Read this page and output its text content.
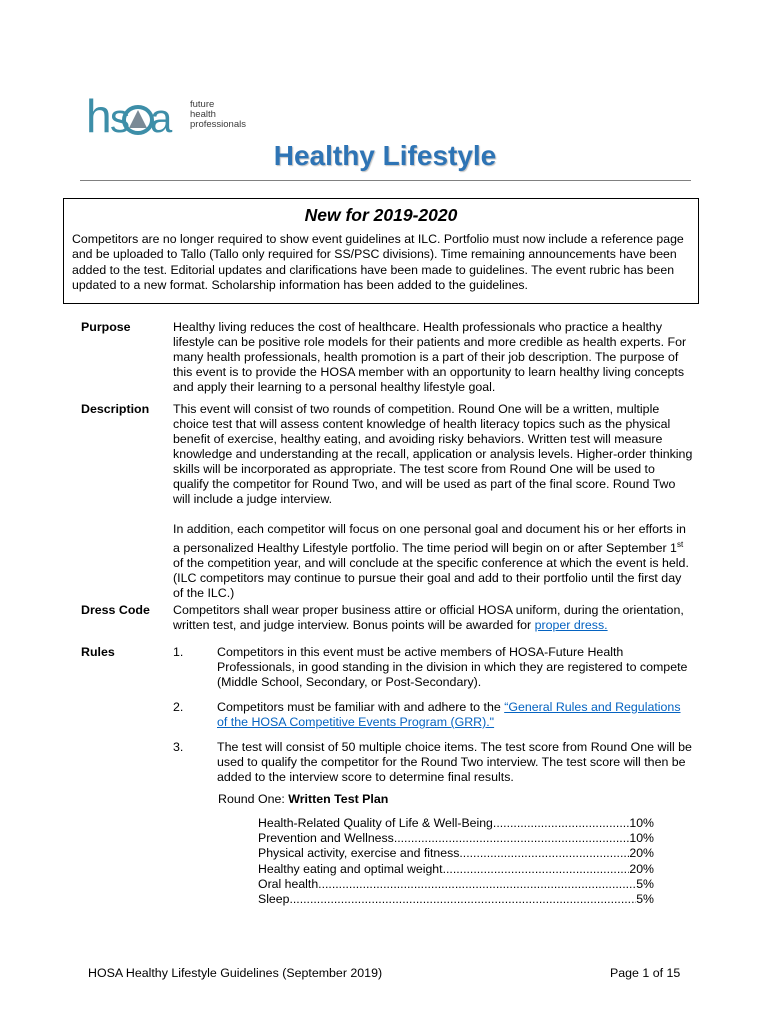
h s a future
health
professionals
Healthy Lifestyle
New for 2019-2020

Competitors are no longer required to show event guidelines at ILC. Portfolio must now include a reference page and be uploaded to Tallo (Tallo only required for SS/PSC divisions). Time remaining announcements have been added to the test. Editorial updates and clarifications have been made to guidelines. The event rubric has been updated to a new format. Scholarship information has been added to the guidelines.

Purpose	Healthy living reduces the cost of healthcare. Health professionals who practice a healthy lifestyle can be positive role models for their patients and more credible as health experts. For many health professionals, health promotion is a part of their job description. The purpose of this event is to provide the HOSA member with an opportunity to learn healthy living concepts and apply their learning to a personal healthy lifestyle goal.

Description This event will consist of two rounds of competition. Round One will be a written, multiple choice test that will assess content knowledge of health literacy topics such as the physical benefit of exercise, healthy eating, and avoiding risky behaviors. Written test will measure knowledge and understanding at the recall, application or analysis levels. Higher-order thinking skills will be incorporated as appropriate. The test score from Round One will be used to qualify the competitor for Round Two, and will be used as part of the final score. Round Two will include a judge interview.

In addition, each competitor will focus on one personal goal and document his or her efforts in a personalized Healthy Lifestyle portfolio. The time period will begin on or after September 1st of the competition year, and will conclude at the specific conference at which the event is held. (ILC competitors may continue to pursue their goal and add to their portfolio until the first day of the ILC.)

Dress Code Competitors shall wear proper business attire or official HOSA uniform, during the orientation, written test, and judge interview. Bonus points will be awarded for proper dress.

Rules	1.	Competitors in this event must be active members of HOSA-Future Health Professionals, in good standing in the division in which they are registered to compete (Middle School, Secondary, or Post-Secondary).
2.	Competitors must be familiar with and adhere to the “General Rules and Regulations of the HOSA Competitive Events Program (GRR)."
3.	The test will consist of 50 multiple choice items. The test score from Round One will be used to qualify the competitor for the Round Two interview. The test score will then be added to the interview score to determine final results.
Round One: Written Test Plan
Health-Related Quality of Life & Well-Being .....	10%
Prevention and Wellness .....	10%
Physical activity, exercise and fitness .....	20%
Healthy eating and optimal weight .....	20%
Oral health .....	5%
Sleep .....	5%
HOSA Healthy Lifestyle Guidelines (September 2019)	Page 1 of 15
